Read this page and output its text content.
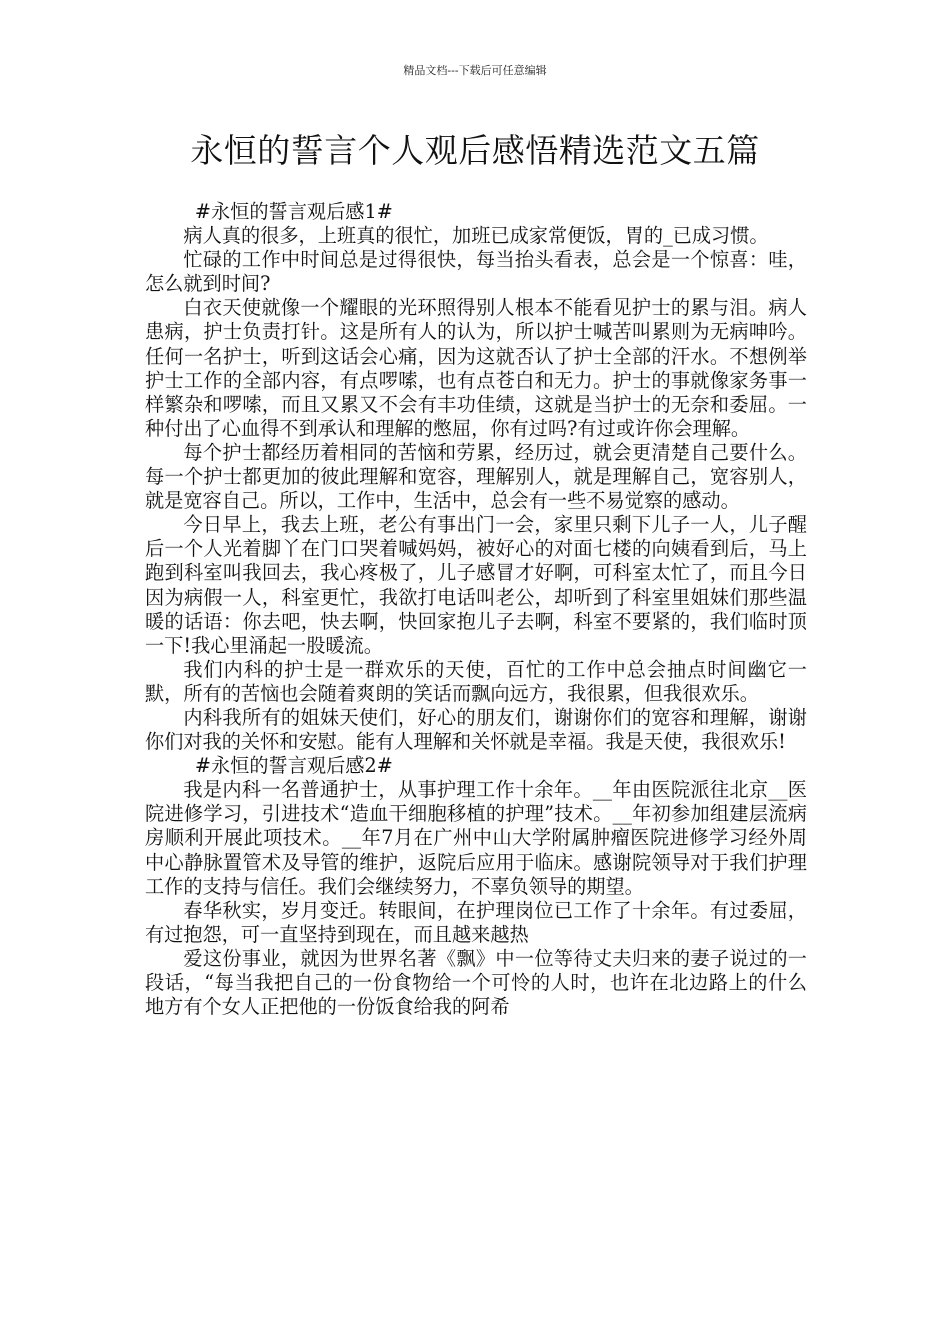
精品文档---下载后可任意编辑
永恒的誓言个人观后感悟精选范文五篇

#永恒的誓言观后感1#

病人真的很多，上班真的很忙，加班已成家常便饭，胃的_已成习惯。

忙碌的工作中时间总是过得很快，每当抬头看表，总会是一个惊喜：哇，怎么就到时间?

白衣天使就像一个耀眼的光环照得别人根本不能看见护士的累与泪。病人患病，护士负责打针。这是所有人的认为，所以护士喊苦叫累则为无病呻吟。任何一名护士，听到这话会心痛，因为这就否认了护士全部的汗水。不想例举护士工作的全部内容，有点啰嗦，也有点苍白和无力。护士的事就像家务事一样繁杂和啰嗦，而且又累又不会有丰功佳绩，这就是当护士的无奈和委屈。一种付出了心血得不到承认和理解的憋屈，你有过吗?有过或许你会理解。

每个护士都经历着相同的苦恼和劳累，经历过，就会更清楚自己要什么。每一个护士都更加的彼此理解和宽容，理解别人，就是理解自己，宽容别人，就是宽容自己。所以，工作中，生活中，总会有一些不易觉察的感动。

今日早上，我去上班，老公有事出门一会，家里只剩下儿子一人，儿子醒后一个人光着脚丫在门口哭着喊妈妈，被好心的对面七楼的向姨看到后，马上跑到科室叫我回去，我心疼极了，儿子感冒才好啊，可科室太忙了，而且今日因为病假一人，科室更忙，我欲打电话叫老公，却听到了科室里姐妹们那些温暖的话语：你去吧，快去啊，快回家抱儿子去啊，科室不要紧的，我们临时顶一下!我心里涌起一股暖流。

我们内科的护士是一群欢乐的天使，百忙的工作中总会抽点时间幽它一默，所有的苦恼也会随着爽朗的笑话而飘向远方，我很累，但我很欢乐。

内科我所有的姐妹天使们，好心的朋友们，谢谢你们的宽容和理解，谢谢你们对我的关怀和安慰。能有人理解和关怀就是幸福。我是天使，我很欢乐!

#永恒的誓言观后感2#

我是内科一名普通护士，从事护理工作十余年。__年由医院派往北京__医院进修学习，引进技术“造血干细胞移植的护理”技术。__年初参加组建层流病房顺利开展此项技术。__年7月在广州中山大学附属肿瘤医院进修学习经外周中心静脉置管术及导管的维护，返院后应用于临床。感谢院领导对于我们护理工作的支持与信任。我们会继续努力，不辜负领导的期望。

春华秋实，岁月变迁。转眼间，在护理岗位已工作了十余年。有过委屈，有过抱怨，可一直坚持到现在，而且越来越热

爱这份事业，就因为世界名著《飘》中一位等待丈夫归来的妻子说过的一段话，“每当我把自己的一份食物给一个可怜的人时，也许在北边路上的什么地方有个女人正把他的一份饭食给我的阿希
